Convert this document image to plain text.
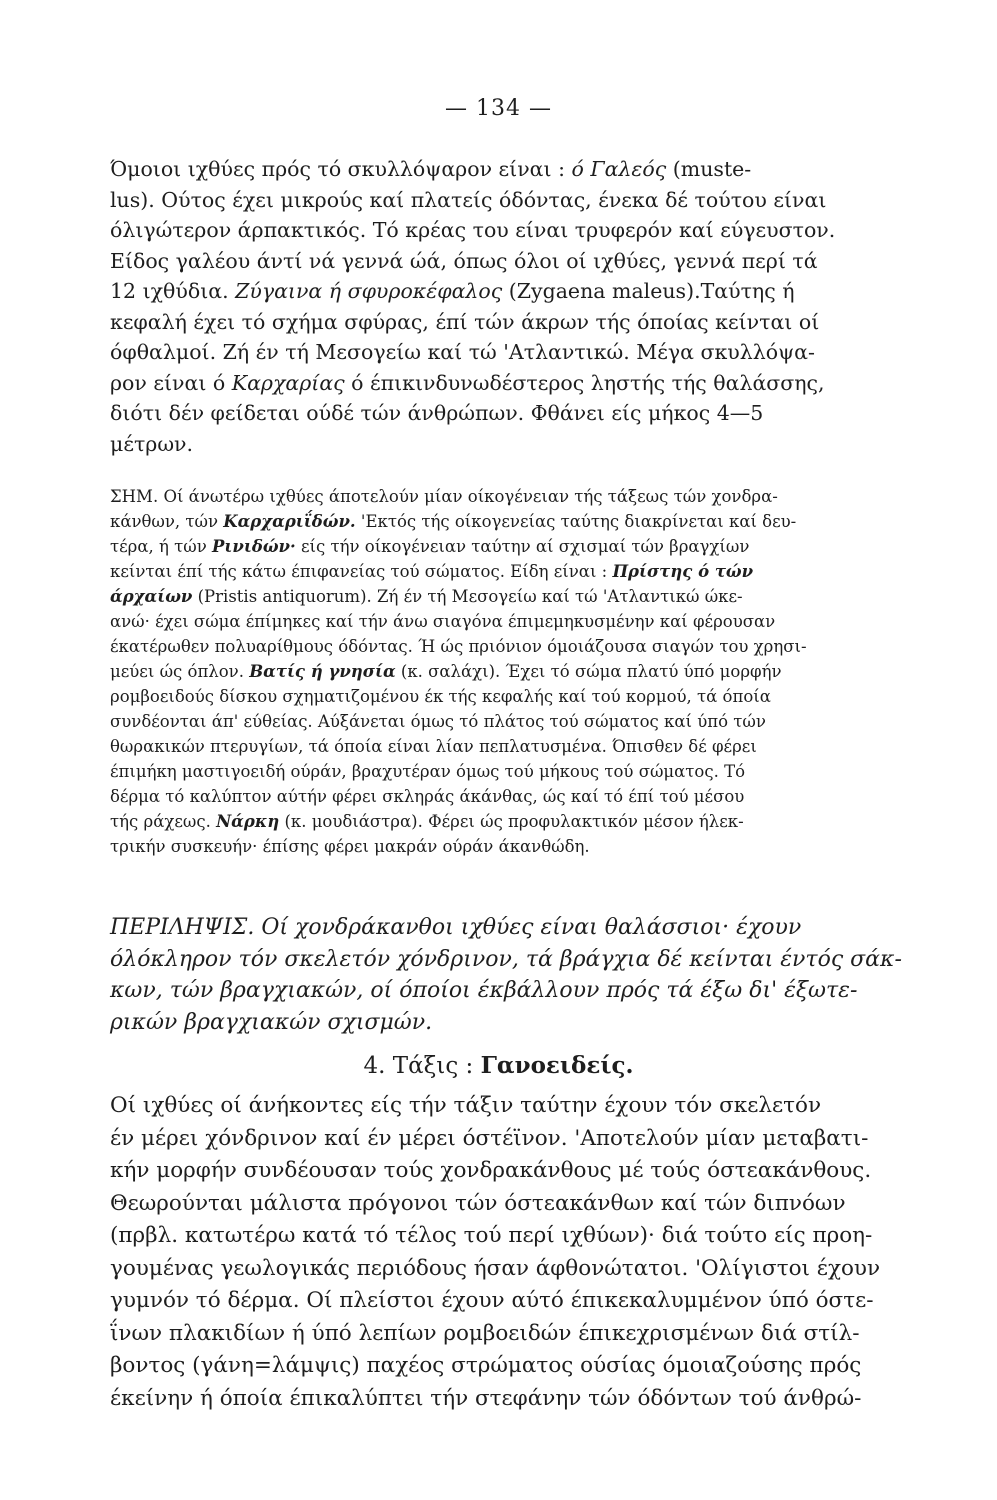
— 134 —
Όμοιοι ιχθύες πρός τό σκυλλόψαρον είναι : ό Γαλεός (muste-
lus). Ούτος έχει μικρούς καί πλατείς όδόντας, ένεκα δέ τούτου είναι
όλιγώτερον άρπακτικός. Τό κρέας του είναι τρυφερόν καί εύγευστον.
Είδος γαλέου άντί νά γεννά ώά, όπως όλοι οί ιχθύες, γεννά περί τά
12 ιχθύδια. Ζύγαινα ή σφυροκέφαλος (Zygaena maleus).Ταύτης ή
κεφαλή έχει τό σχήμα σφύρας, έπί τών άκρων τής όποίας κείνται οί
όφθαλμοί. Ζή έν τή Μεσογείω καί τώ 'Ατλαντικώ. Μέγα σκυλλόψα-
ρον είναι ό Καρχαρίας ό έπικινδυνωδέστερος ληστής τής θαλάσσης,
διότι δέν φείδεται ούδέ τών άνθρώπων. Φθάνει είς μήκος 4—5
μέτρων.
ΣΗΜ. Οί άνωτέρω ιχθύες άποτελούν μίαν οίκογένειαν τής τάξεως τών χονδρα-
κάνθων, τών Καρχαριΐδών. 'Εκτός τής οίκογενείας ταύτης διακρίνεται καί δευ-
τέρα, ή τών Ρινιδών· είς τήν οίκογένειαν ταύτην αί σχισμαί τών βραγχίων
κείνται έπί τής κάτω έπιφανείας τού σώματος. Είδη είναι : Πρίστης ό τών
άρχαίων (Pristis antiquorum). Ζή έν τή Μεσογείω καί τώ 'Ατλαντικώ ώκε-
ανώ· έχει σώμα έπίμηκες καί τήν άνω σιαγόνα έπιμεμηκυσμένην καί φέρουσαν
έκατέρωθεν πολυαρίθμους όδόντας. Ή ώς πριόνιον όμοιάζουσα σιαγών του χρησι-
μεύει ώς όπλον. Βατίς ή γνησία (κ. σαλάχι). Έχει τό σώμα πλατύ ύπό μορφήν
ρομβοειδούς δίσκου σχηματιζομένου έκ τής κεφαλής καί τού κορμού, τά όποία
συνδέονται άπ' εύθείας. Αύξάνεται όμως τό πλάτος τού σώματος καί ύπό τών
θωρακικών πτερυγίων, τά όποία είναι λίαν πεπλατυσμένα. Όπισθεν δέ φέρει
έπιμήκη μαστιγοειδή ούράν, βραχυτέραν όμως τού μήκους τού σώματος. Τό
δέρμα τό καλύπτον αύτήν φέρει σκληράς άκάνθας, ώς καί τό έπί τού μέσου
τής ράχεως. Νάρκη (κ. μουδιάστρα). Φέρει ώς προφυλακτικόν μέσον ήλεκ-
τρικήν συσκευήν· έπίσης φέρει μακράν ούράν άκανθώδη.
ΠΕΡΙΛΗΨΙΣ. Οί χονδράκανθοι ιχθύες είναι θαλάσσιοι· έχουν
όλόκληρον τόν σκελετόν χόνδρινον, τά βράγχια δέ κείνται έντός σάκ-
κων, τών βραγχιακών, οί όποίοι έκβάλλουν πρός τά έξω δι' έξωτε-
ρικών βραγχιακών σχισμών.
4. Τάξις : Γανοειδείς.
Οί ιχθύες οί άνήκοντες είς τήν τάξιν ταύτην έχουν τόν σκελετόν
έν μέρει χόνδρινον καί έν μέρει όστέϊνον. 'Αποτελούν μίαν μεταβατι-
κήν μορφήν συνδέουσαν τούς χονδρακάνθους μέ τούς όστεακάνθους.
Θεωρούνται μάλιστα πρόγονοι τών όστεακάνθων καί τών διπνόων
(πρβλ. κατωτέρω κατά τό τέλος τού περί ιχθύων)· διά τούτο είς προη-
γουμένας γεωλογικάς περιόδους ήσαν άφθονώτατοι. 'Ολίγιστοι έχουν
γυμνόν τό δέρμα. Οί πλείστοι έχουν αύτό έπικεκαλυμμένον ύπό όστε-
ΐνων πλακιδίων ή ύπό λεπίων ρομβοειδών έπικεχρισμένων διά στίλ-
βοντος (γάνη=λάμψις) παχέος στρώματος ούσίας όμοιαζούσης πρός
έκείνην ή όποία έπικαλύπτει τήν στεφάνην τών όδόντων τού άνθρώ-
